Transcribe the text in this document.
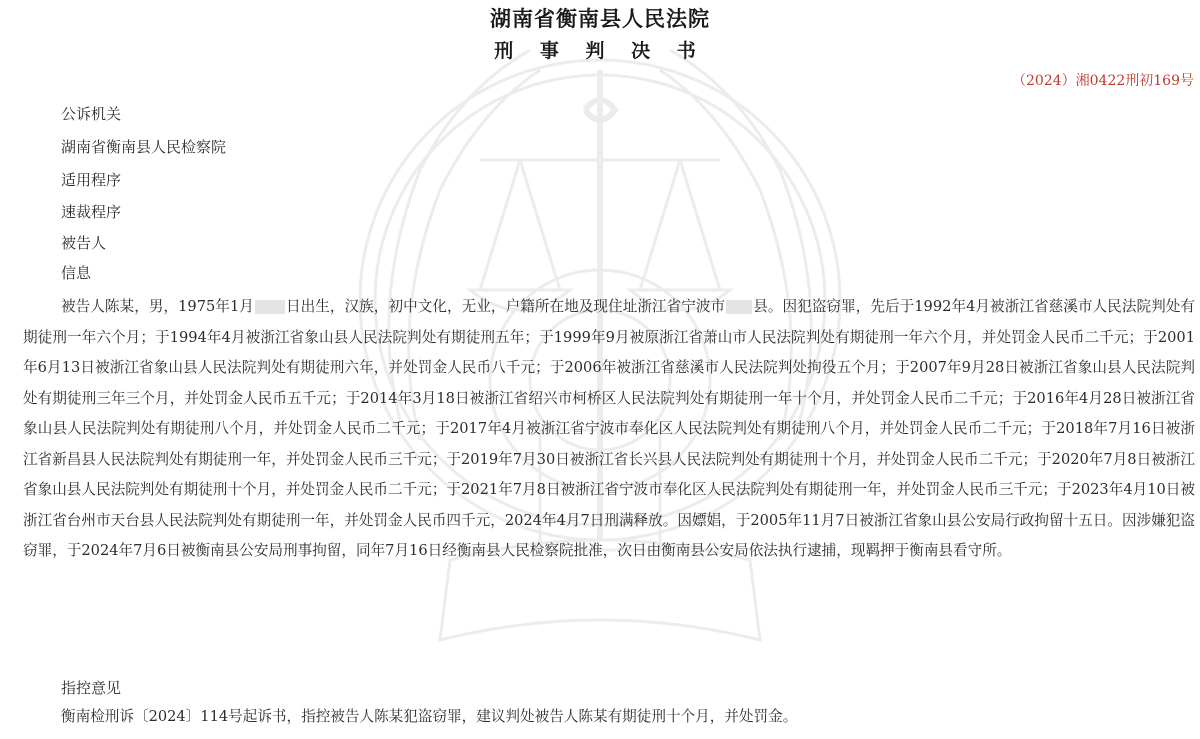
湖南省衡南县人民法院
刑 事 判 决 书
（2024）湘0422刑初169号
公诉机关
湖南省衡南县人民检察院
适用程序
速裁程序
被告人
信息

被告人陈某，男，1975年1月 日出生，汉族，初中文化，无业，户籍所在地及现住址浙江省宁波市 县。因犯盗窃罪，先后于1992年4月被浙江省慈溪市人民法院判处有期徒刑一年六个月；于1994年4月被浙江省象山县人民法院判处有期徒刑五年；于1999年9月被原浙江省萧山市人民法院判处有期徒刑一年六个月，并处罚金人民币二千元；于2001年6月13日被浙江省象山县人民法院判处有期徒刑六年，并处罚金人民币八千元；于2006年被浙江省慈溪市人民法院判处拘役五个月；于2007年9月28日被浙江省象山县人民法院判处有期徒刑三年三个月，并处罚金人民币五千元；于2014年3月18日被浙江省绍兴市柯桥区人民法院判处有期徒刑一年十个月，并处罚金人民币二千元；于2016年4月28日被浙江省象山县人民法院判处有期徒刑八个月，并处罚金人民币二千元；于2017年4月被浙江省宁波市奉化区人民法院判处有期徒刑八个月，并处罚金人民币二千元；于2018年7月16日被浙江省新昌县人民法院判处有期徒刑一年，并处罚金人民币三千元；于2019年7月30日被浙江省长兴县人民法院判处有期徒刑十个月，并处罚金人民币二千元；于2020年7月8日被浙江省象山县人民法院判处有期徒刑十个月，并处罚金人民币二千元；于2021年7月8日被浙江省宁波市奉化区人民法院判处有期徒刑一年，并处罚金人民币三千元；于2023年4月10日被浙江省台州市天台县人民法院判处有期徒刑一年，并处罚金人民币四千元，2024年4月7日刑满释放。因嫖娼，于2005年11月7日被浙江省象山县公安局行政拘留十五日。因涉嫌犯盗窃罪，于2024年7月6日被衡南县公安局刑事拘留，同年7月16日经衡南县人民检察院批准，次日由衡南县公安局依法执行逮捕，现羁押于衡南县看守所。

指控意见
衡南检刑诉〔2024〕114号起诉书，指控被告人陈某犯盗窃罪，建议判处被告人陈某有期徒刑十个月，并处罚金。
